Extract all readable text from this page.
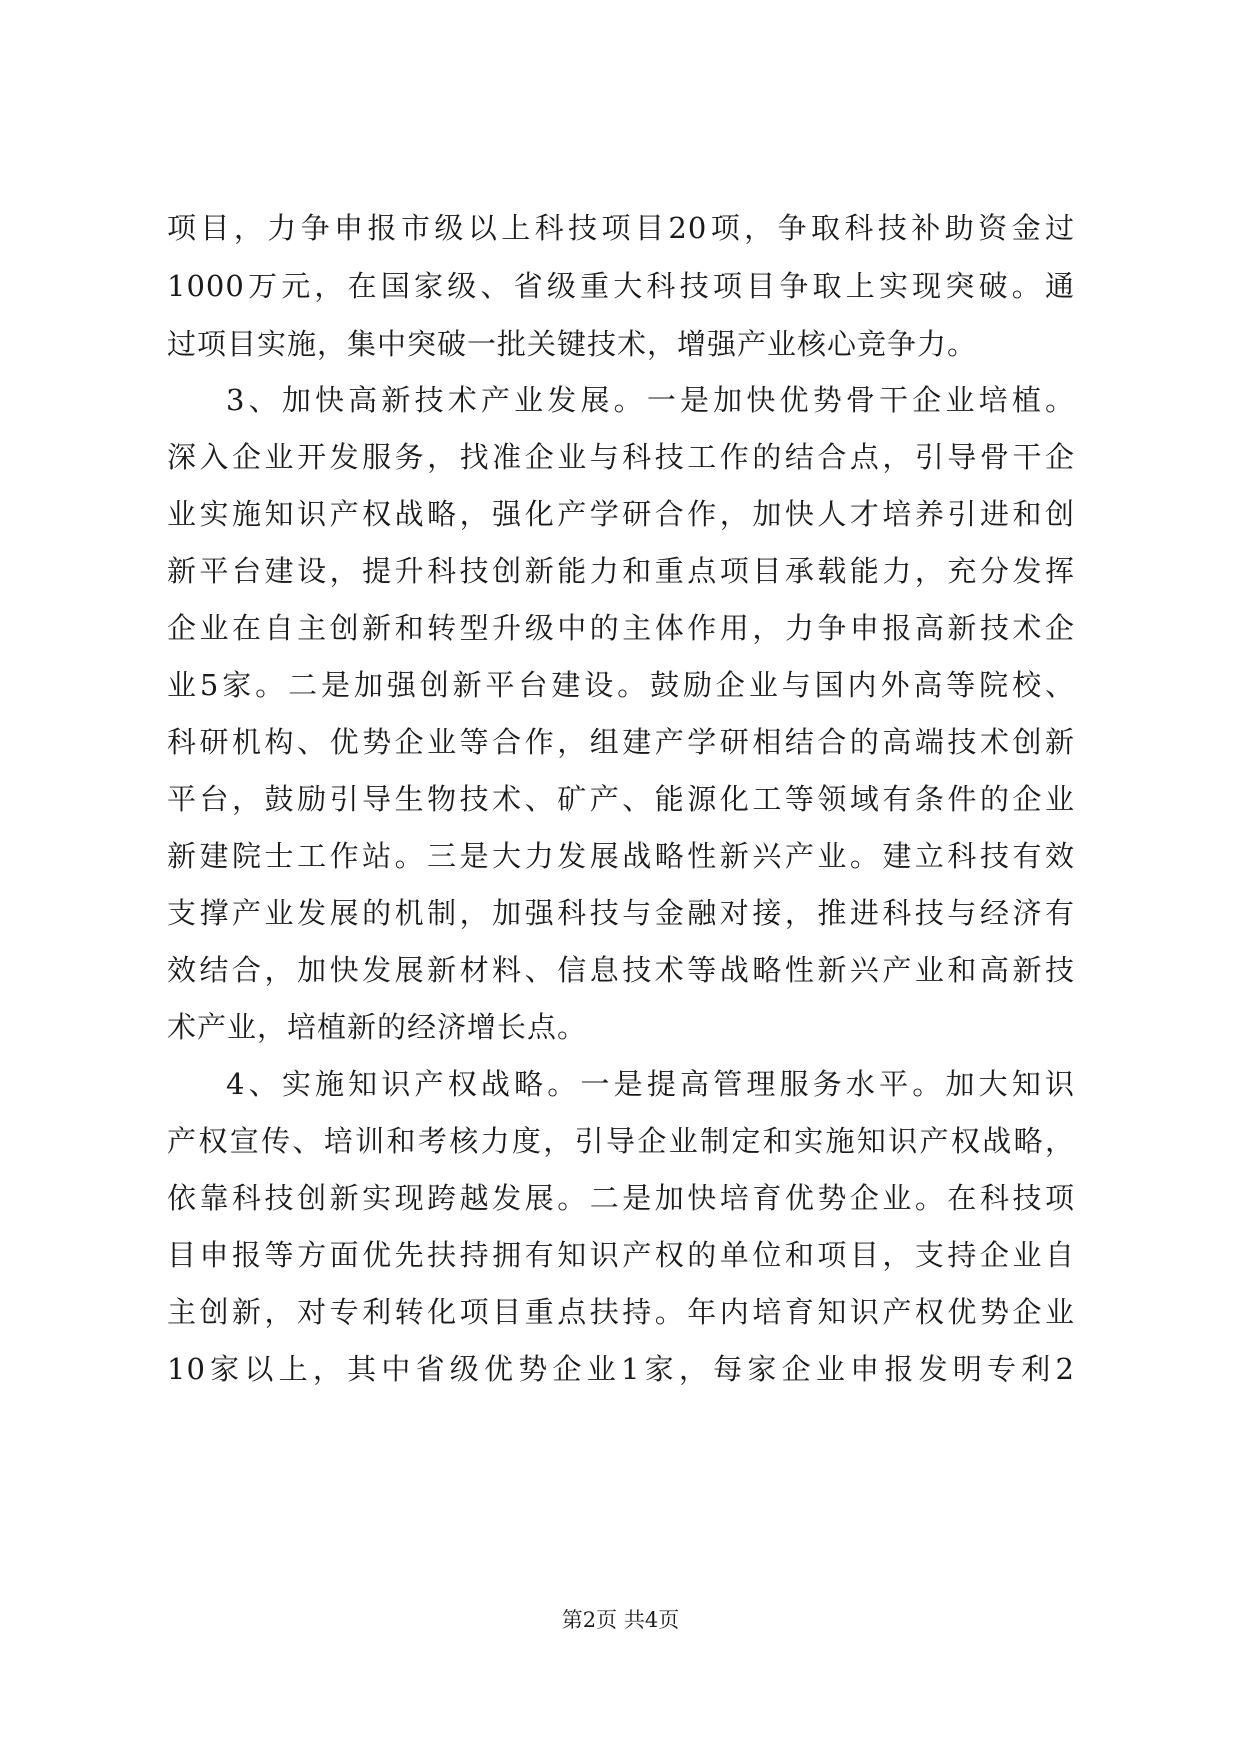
项目，力争申报市级以上科技项目20项，争取科技补助资金过
1000万元，在国家级、省级重大科技项目争取上实现突破。通
过项目实施，集中突破一批关键技术，增强产业核心竞争力。
3、加快高新技术产业发展。一是加快优势骨干企业培植。
深入企业开发服务，找准企业与科技工作的结合点，引导骨干企
业实施知识产权战略，强化产学研合作，加快人才培养引进和创
新平台建设，提升科技创新能力和重点项目承载能力，充分发挥
企业在自主创新和转型升级中的主体作用，力争申报高新技术企
业5家。二是加强创新平台建设。鼓励企业与国内外高等院校、
科研机构、优势企业等合作，组建产学研相结合的高端技术创新
平台，鼓励引导生物技术、矿产、能源化工等领域有条件的企业
新建院士工作站。三是大力发展战略性新兴产业。建立科技有效
支撑产业发展的机制，加强科技与金融对接，推进科技与经济有
效结合，加快发展新材料、信息技术等战略性新兴产业和高新技
术产业，培植新的经济增长点。
4、实施知识产权战略。一是提高管理服务水平。加大知识
产权宣传、培训和考核力度，引导企业制定和实施知识产权战略，
依靠科技创新实现跨越发展。二是加快培育优势企业。在科技项
目申报等方面优先扶持拥有知识产权的单位和项目，支持企业自
主创新，对专利转化项目重点扶持。年内培育知识产权优势企业
10家以上，其中省级优势企业1家，每家企业申报发明专利2
第2页 共4页
